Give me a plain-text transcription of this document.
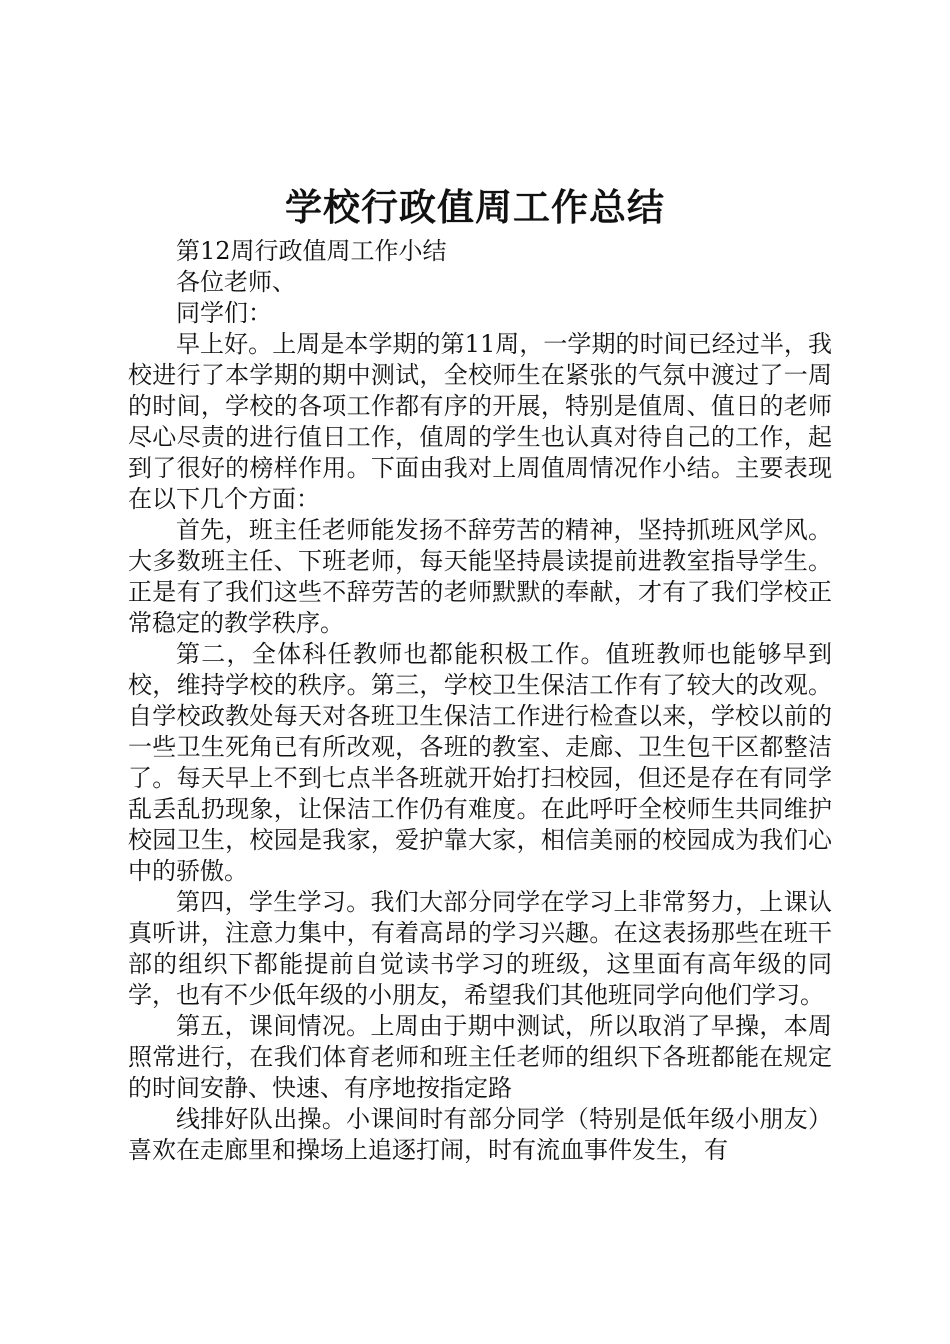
学校行政值周工作总结

第12周行政值周工作小结

各位老师、

同学们：

早上好。上周是本学期的第11周，一学期的时间已经过半，我校进行了本学期的期中测试，全校师生在紧张的气氛中渡过了一周的时间，学校的各项工作都有序的开展，特别是值周、值日的老师尽心尽责的进行值日工作，值周的学生也认真对待自己的工作，起到了很好的榜样作用。下面由我对上周值周情况作小结。主要表现在以下几个方面：

首先，班主任老师能发扬不辞劳苦的精神，坚持抓班风学风。大多数班主任、下班老师，每天能坚持晨读提前进教室指导学生。正是有了我们这些不辞劳苦的老师默默的奉献，才有了我们学校正常稳定的教学秩序。

第二，全体科任教师也都能积极工作。值班教师也能够早到校，维持学校的秩序。第三，学校卫生保洁工作有了较大的改观。自学校政教处每天对各班卫生保洁工作进行检查以来，学校以前的一些卫生死角已有所改观，各班的教室、走廊、卫生包干区都整洁了。每天早上不到七点半各班就开始打扫校园，但还是存在有同学乱丢乱扔现象，让保洁工作仍有难度。在此呼吁全校师生共同维护校园卫生，校园是我家，爱护靠大家，相信美丽的校园成为我们心中的骄傲。

第四，学生学习。我们大部分同学在学习上非常努力，上课认真听讲，注意力集中，有着高昂的学习兴趣。在这表扬那些在班干部的组织下都能提前自觉读书学习的班级，这里面有高年级的同学，也有不少低年级的小朋友，希望我们其他班同学向他们学习。

第五，课间情况。上周由于期中测试，所以取消了早操，本周照常进行，在我们体育老师和班主任老师的组织下各班都能在规定的时间安静、快速、有序地按指定路

线排好队出操。小课间时有部分同学（特别是低年级小朋友）喜欢在走廊里和操场上追逐打闹，时有流血事件发生，有
